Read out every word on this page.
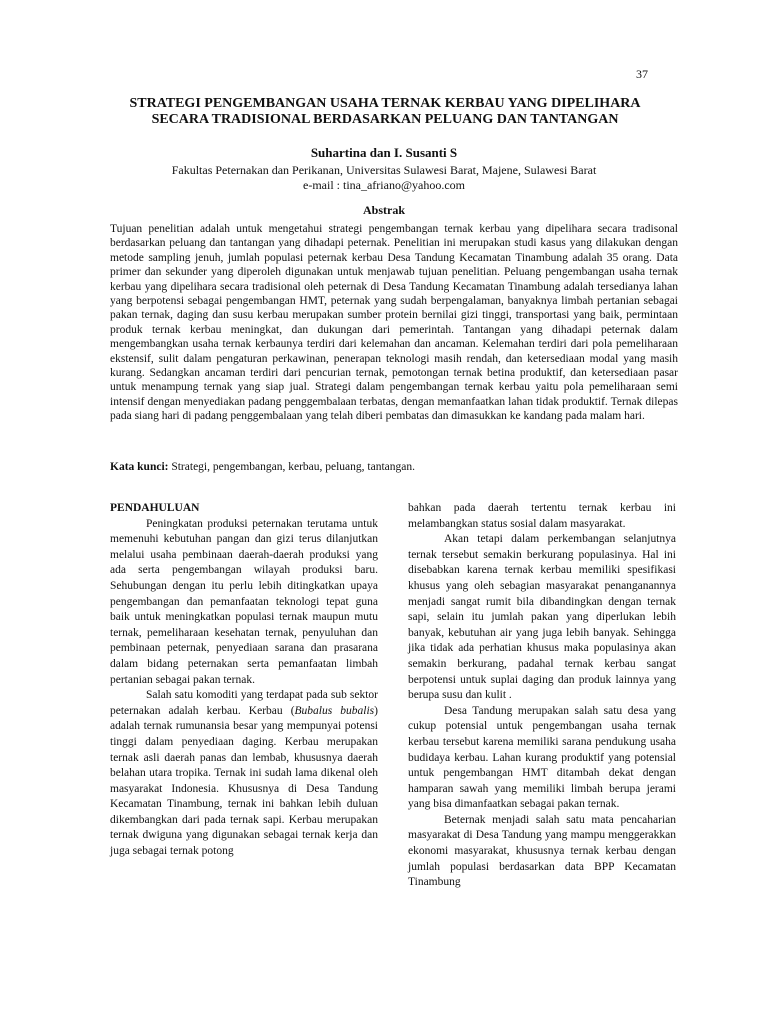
37
STRATEGI PENGEMBANGAN USAHA TERNAK KERBAU YANG DIPELIHARA
SECARA TRADISIONAL BERDASARKAN PELUANG DAN TANTANGAN
Suhartina dan I. Susanti S
Fakultas Peternakan dan Perikanan, Universitas Sulawesi Barat, Majene, Sulawesi Barat
e-mail : tina_afriano@yahoo.com
Abstrak

Tujuan penelitian adalah untuk mengetahui strategi pengembangan ternak kerbau yang dipelihara secara tradisonal berdasarkan peluang dan tantangan yang dihadapi peternak. Penelitian ini merupakan studi kasus yang dilakukan dengan metode sampling jenuh, jumlah populasi peternak kerbau Desa Tandung Kecamatan Tinambung adalah 35 orang. Data primer dan sekunder yang diperoleh digunakan untuk menjawab tujuan penelitian. Peluang pengembangan usaha ternak kerbau yang dipelihara secara tradisional oleh peternak di Desa Tandung Kecamatan Tinambung adalah tersedianya lahan yang berpotensi sebagai pengembangan HMT, peternak yang sudah berpengalaman, banyaknya limbah pertanian sebagai pakan ternak, daging dan susu kerbau merupakan sumber protein bernilai gizi tinggi, transportasi yang baik, permintaan produk ternak kerbau meningkat, dan dukungan dari pemerintah. Tantangan yang dihadapi peternak dalam mengembangkan usaha ternak kerbaunya terdiri dari kelemahan dan ancaman. Kelemahan terdiri dari pola pemeliharaan ekstensif, sulit dalam pengaturan perkawinan, penerapan teknologi masih rendah, dan ketersediaan modal yang masih kurang. Sedangkan ancaman terdiri dari pencurian ternak, pemotongan ternak betina produktif, dan ketersediaan pasar untuk menampung ternak yang siap jual. Strategi dalam pengembangan ternak kerbau yaitu pola pemeliharaan semi intensif dengan menyediakan padang penggembalaan terbatas, dengan memanfaatkan lahan tidak produktif. Ternak dilepas pada siang hari di padang penggembalaan yang telah diberi pembatas dan dimasukkan ke kandang pada malam hari.

Kata kunci: Strategi, pengembangan, kerbau, peluang, tantangan.

PENDAHULUAN

Peningkatan produksi peternakan terutama untuk memenuhi kebutuhan pangan dan gizi terus dilanjutkan melalui usaha pembinaan daerah-daerah produksi yang ada serta pengembangan wilayah produksi baru. Sehubungan dengan itu perlu lebih ditingkatkan upaya pengembangan dan pemanfaatan teknologi tepat guna baik untuk meningkatkan populasi ternak maupun mutu ternak, pemeliharaan kesehatan ternak, penyuluhan dan pembinaan peternak, penyediaan sarana dan prasarana dalam bidang peternakan serta pemanfaatan limbah pertanian sebagai pakan ternak.

Salah satu komoditi yang terdapat pada sub sektor peternakan adalah kerbau. Kerbau (Bubalus bubalis) adalah ternak rumunansia besar yang mempunyai potensi tinggi dalam penyediaan daging. Kerbau merupakan ternak asli daerah panas dan lembab, khususnya daerah belahan utara tropika. Ternak ini sudah lama dikenal oleh masyarakat Indonesia. Khususnya di Desa Tandung Kecamatan Tinambung, ternak ini bahkan lebih duluan dikembangkan dari pada ternak sapi. Kerbau merupakan ternak dwiguna yang digunakan sebagai ternak kerja dan juga sebagai ternak potong

bahkan pada daerah tertentu ternak kerbau ini melambangkan status sosial dalam masyarakat.

Akan tetapi dalam perkembangan selanjutnya ternak tersebut semakin berkurang populasinya. Hal ini disebabkan karena ternak kerbau memiliki spesifikasi khusus yang oleh sebagian masyarakat penanganannya menjadi sangat rumit bila dibandingkan dengan ternak sapi, selain itu jumlah pakan yang diperlukan lebih banyak, kebutuhan air yang juga lebih banyak. Sehingga jika tidak ada perhatian khusus maka populasinya akan semakin berkurang, padahal ternak kerbau sangat berpotensi untuk suplai daging dan produk lainnya yang berupa susu dan kulit .

Desa Tandung merupakan salah satu desa yang cukup potensial untuk pengembangan usaha ternak kerbau tersebut karena memiliki sarana pendukung usaha budidaya kerbau. Lahan kurang produktif yang potensial untuk pengembangan HMT ditambah dekat dengan hamparan sawah yang memiliki limbah berupa jerami yang bisa dimanfaatkan sebagai pakan ternak.

Beternak menjadi salah satu mata pencaharian masyarakat di Desa Tandung yang mampu menggerakkan ekonomi masyarakat, khususnya ternak kerbau dengan jumlah populasi berdasarkan data BPP Kecamatan Tinambung
